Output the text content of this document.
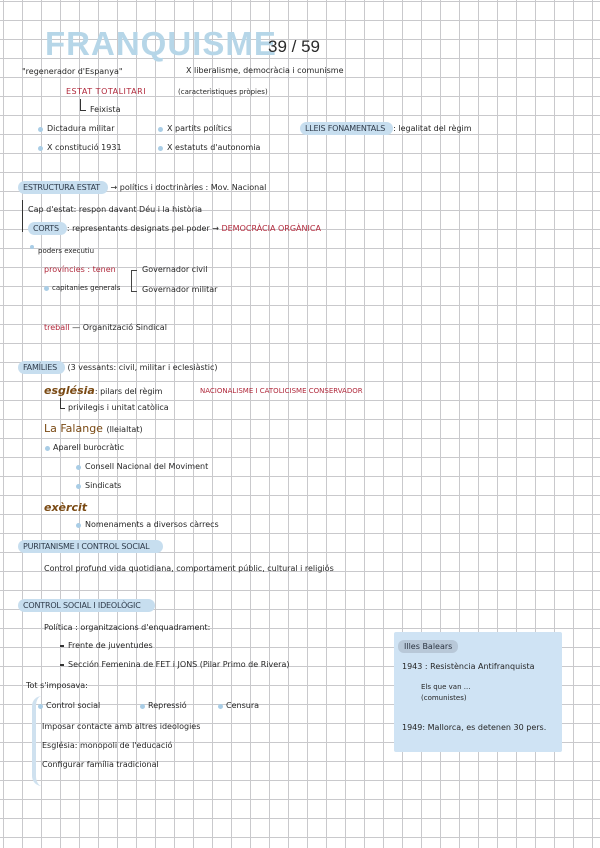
FRANQUISME
39 / 59
"regenerador d'Espanya"	X liberalisme, democràcia i comunisme
ESTAT TOTALITARI	(caracterìstiques pròpies)
Feixista
Dictadura militar	X partits polítics	LLEIS FONAMENTALS : legalitat del règim
X constitució 1931	X estatuts d'autonomia
ESTRUCTURA ESTAT → polítics i doctrinàries : Mov. Nacional
Cap d'estat: respon davant Déu i la història
CORTS : representants designats pel poder → DEMOCRÀCIA ORGÀNICA
poders executiu
províncies : tenen	Governador civil
capitanies generals	Governador militar
treball — Organització Sindical
FAMÍLIES (3 vessants: civil, militar i eclesiàstic)
església: pilars del règim	NACIONALISME I CATOLICISME CONSERVADOR
privilegis i unitat catòlica
La Falange (lleialtat)
Aparell burocràtic
Consell Nacional del Moviment
Sindicats
exèrcit
Nomenaments a diversos càrrecs
PURITANISME I CONTROL SOCIAL
Control profund vida quotidiana, comportament públic, cultural i religiós
CONTROL SOCIAL I IDEOLÒGIC
Política : organitzacions d'enquadrament:
Frente de juventudes
Sección Femenina de FET i JONS (Pilar Primo de Rivera)
Tot s'imposava:
Control social	Repressió	Censura
Imposar contacte amb altres ideologies
Església: monopoli de l'educació
Configurar família tradicional
Illes Balears
1943 : Resistència Antifranquista
Els que van ...
(comunistes)
1949: Mallorca, es detenen 30 pers.
